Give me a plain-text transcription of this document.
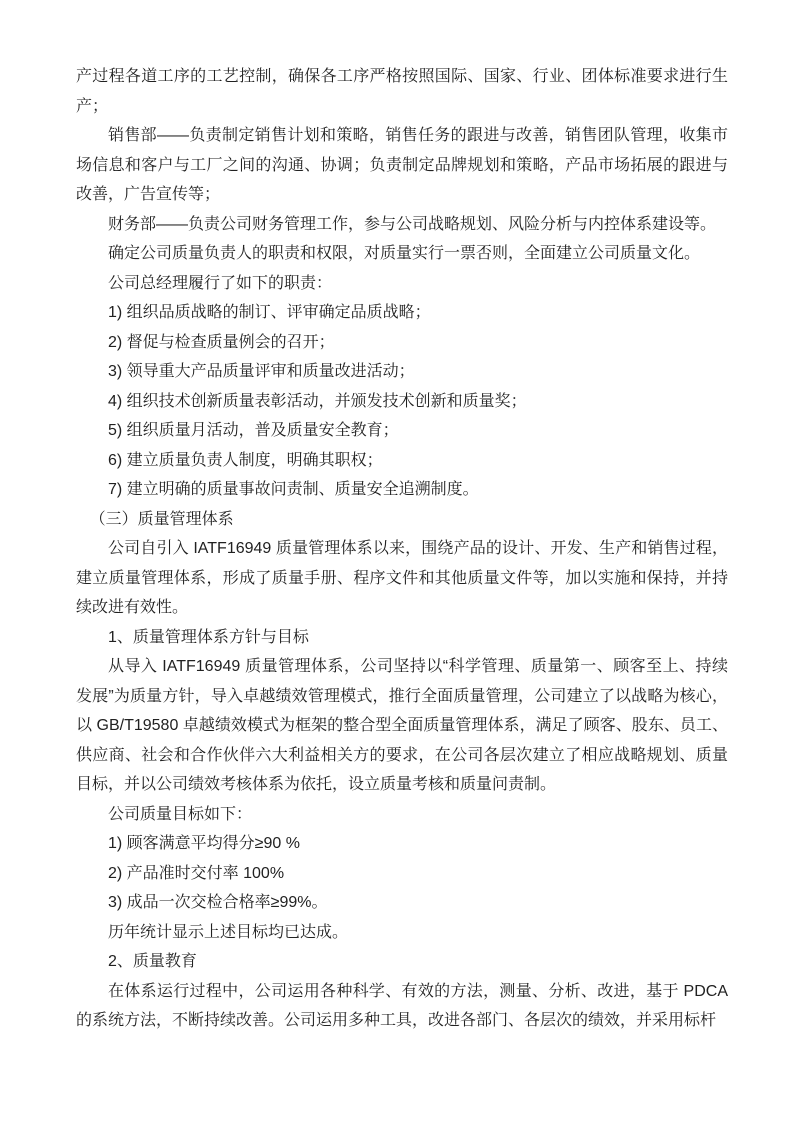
产过程各道工序的工艺控制，确保各工序严格按照国际、国家、行业、团体标准要求进行生产；

销售部——负责制定销售计划和策略，销售任务的跟进与改善，销售团队管理，收集市场信息和客户与工厂之间的沟通、协调；负责制定品牌规划和策略，产品市场拓展的跟进与改善，广告宣传等；

财务部——负责公司财务管理工作，参与公司战略规划、风险分析与内控体系建设等。

确定公司质量负责人的职责和权限，对质量实行一票否则，全面建立公司质量文化。

公司总经理履行了如下的职责：

1) 组织品质战略的制订、评审确定品质战略；

2) 督促与检查质量例会的召开；

3) 领导重大产品质量评审和质量改进活动；

4) 组织技术创新质量表彰活动，并颁发技术创新和质量奖；

5) 组织质量月活动，普及质量安全教育；

6) 建立质量负责人制度，明确其职权；

7) 建立明确的质量事故问责制、质量安全追溯制度。

（三）质量管理体系

公司自引入 IATF16949 质量管理体系以来，围绕产品的设计、开发、生产和销售过程，建立质量管理体系，形成了质量手册、程序文件和其他质量文件等，加以实施和保持，并持续改进有效性。

1、质量管理体系方针与目标

从导入 IATF16949 质量管理体系，公司坚持以“科学管理、质量第一、顾客至上、持续发展”为质量方针，导入卓越绩效管理模式，推行全面质量管理，公司建立了以战略为核心，以 GB/T19580 卓越绩效模式为框架的整合型全面质量管理体系，满足了顾客、股东、员工、供应商、社会和合作伙伴六大利益相关方的要求，在公司各层次建立了相应战略规划、质量目标，并以公司绩效考核体系为依托，设立质量考核和质量问责制。

公司质量目标如下：

1) 顾客满意平均得分≥90 %

2) 产品准时交付率 100%

3) 成品一次交检合格率≥99%。

历年统计显示上述目标均已达成。

2、质量教育

在体系运行过程中，公司运用各种科学、有效的方法，测量、分析、改进，基于 PDCA 的系统方法，不断持续改善。公司运用多种工具，改进各部门、各层次的绩效，并采用标杆
